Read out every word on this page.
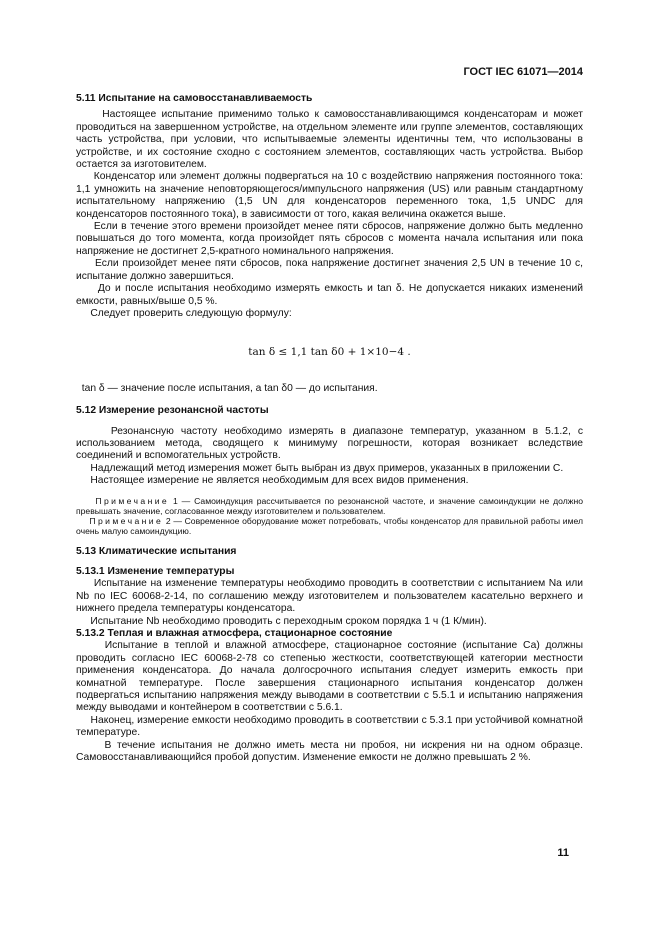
ГОСТ IEC 61071—2014

5.11 Испытание на самовосстанавливаемость

Настоящее испытание применимо только к самовосстанавливающимся конденсаторам и может проводиться на завершенном устройстве, на отдельном элементе или группе элементов, составляющих часть устройства, при условии, что испытываемые элементы идентичны тем, что использованы в устройстве, и их состояние сходно с состоянием элементов, составляющих часть устройства. Выбор остается за изготовителем.

Конденсатор или элемент должны подвергаться на 10 с воздействию напряжения постоянного тока: 1,1 умножить на значение неповторяющегося/импульсного напряжения (US) или равным стандартному испытательному напряжению (1,5 UN для конденсаторов переменного тока, 1,5 UNDC для конденсаторов постоянного тока), в зависимости от того, какая величина окажется выше.

Если в течение этого времени произойдет менее пяти сбросов, напряжение должно быть медленно повышаться до того момента, когда произойдет пять сбросов с момента начала испытания или пока напряжение не достигнет 2,5-кратного номинального напряжения.

Если произойдет менее пяти сбросов, пока напряжение достигнет значения 2,5 UN в течение 10 с, испытание должно завершиться.

До и после испытания необходимо измерять емкость и tan δ. Не допускается никаких изменений емкости, равных/выше 0,5 %.

Следует проверить следующую формулу:

tan δ ≤ 1,1 tan δ0 + 1×10−4 .

tan δ — значение после испытания, а tan δ0 — до испытания.

5.12 Измерение резонансной частоты

Резонансную частоту необходимо измерять в диапазоне температур, указанном в 5.1.2, с использованием метода, сводящего к минимуму погрешности, которая возникает вследствие соединений и вспомогательных устройств.

Надлежащий метод измерения может быть выбран из двух примеров, указанных в приложении С.

Настоящее измерение не является необходимым для всех видов применения.

Примечание 1 — Самоиндукция рассчитывается по резонансной частоте, и значение самоиндукции не должно превышать значение, согласованное между изготовителем и пользователем.

Примечание 2 — Современное оборудование может потребовать, чтобы конденсатор для правильной работы имел очень малую самоиндукцию.

5.13 Климатические испытания

5.13.1 Изменение температуры

Испытание на изменение температуры необходимо проводить в соответствии с испытанием Na или Nb по IEC 60068-2-14, по соглашению между изготовителем и пользователем касательно верхнего и нижнего предела температуры конденсатора.

Испытание Nb необходимо проводить с переходным сроком порядка 1 ч (1 К/мин).

5.13.2 Теплая и влажная атмосфера, стационарное состояние

Испытание в теплой и влажной атмосфере, стационарное состояние (испытание Са) должны проводить согласно IEC 60068-2-78 со степенью жесткости, соответствующей категории местности применения конденсатора. До начала долгосрочного испытания следует измерить емкость при комнатной температуре. После завершения стационарного испытания конденсатор должен подвергаться испытанию напряжения между выводами в соответствии с 5.5.1 и испытанию напряжения между выводами и контейнером в соответствии с 5.6.1.

Наконец, измерение емкости необходимо проводить в соответствии с 5.3.1 при устойчивой комнатной температуре.

В течение испытания не должно иметь места ни пробоя, ни искрения ни на одном образце. Самовосстанавливающийся пробой допустим. Изменение емкости не должно превышать 2 %.

11
